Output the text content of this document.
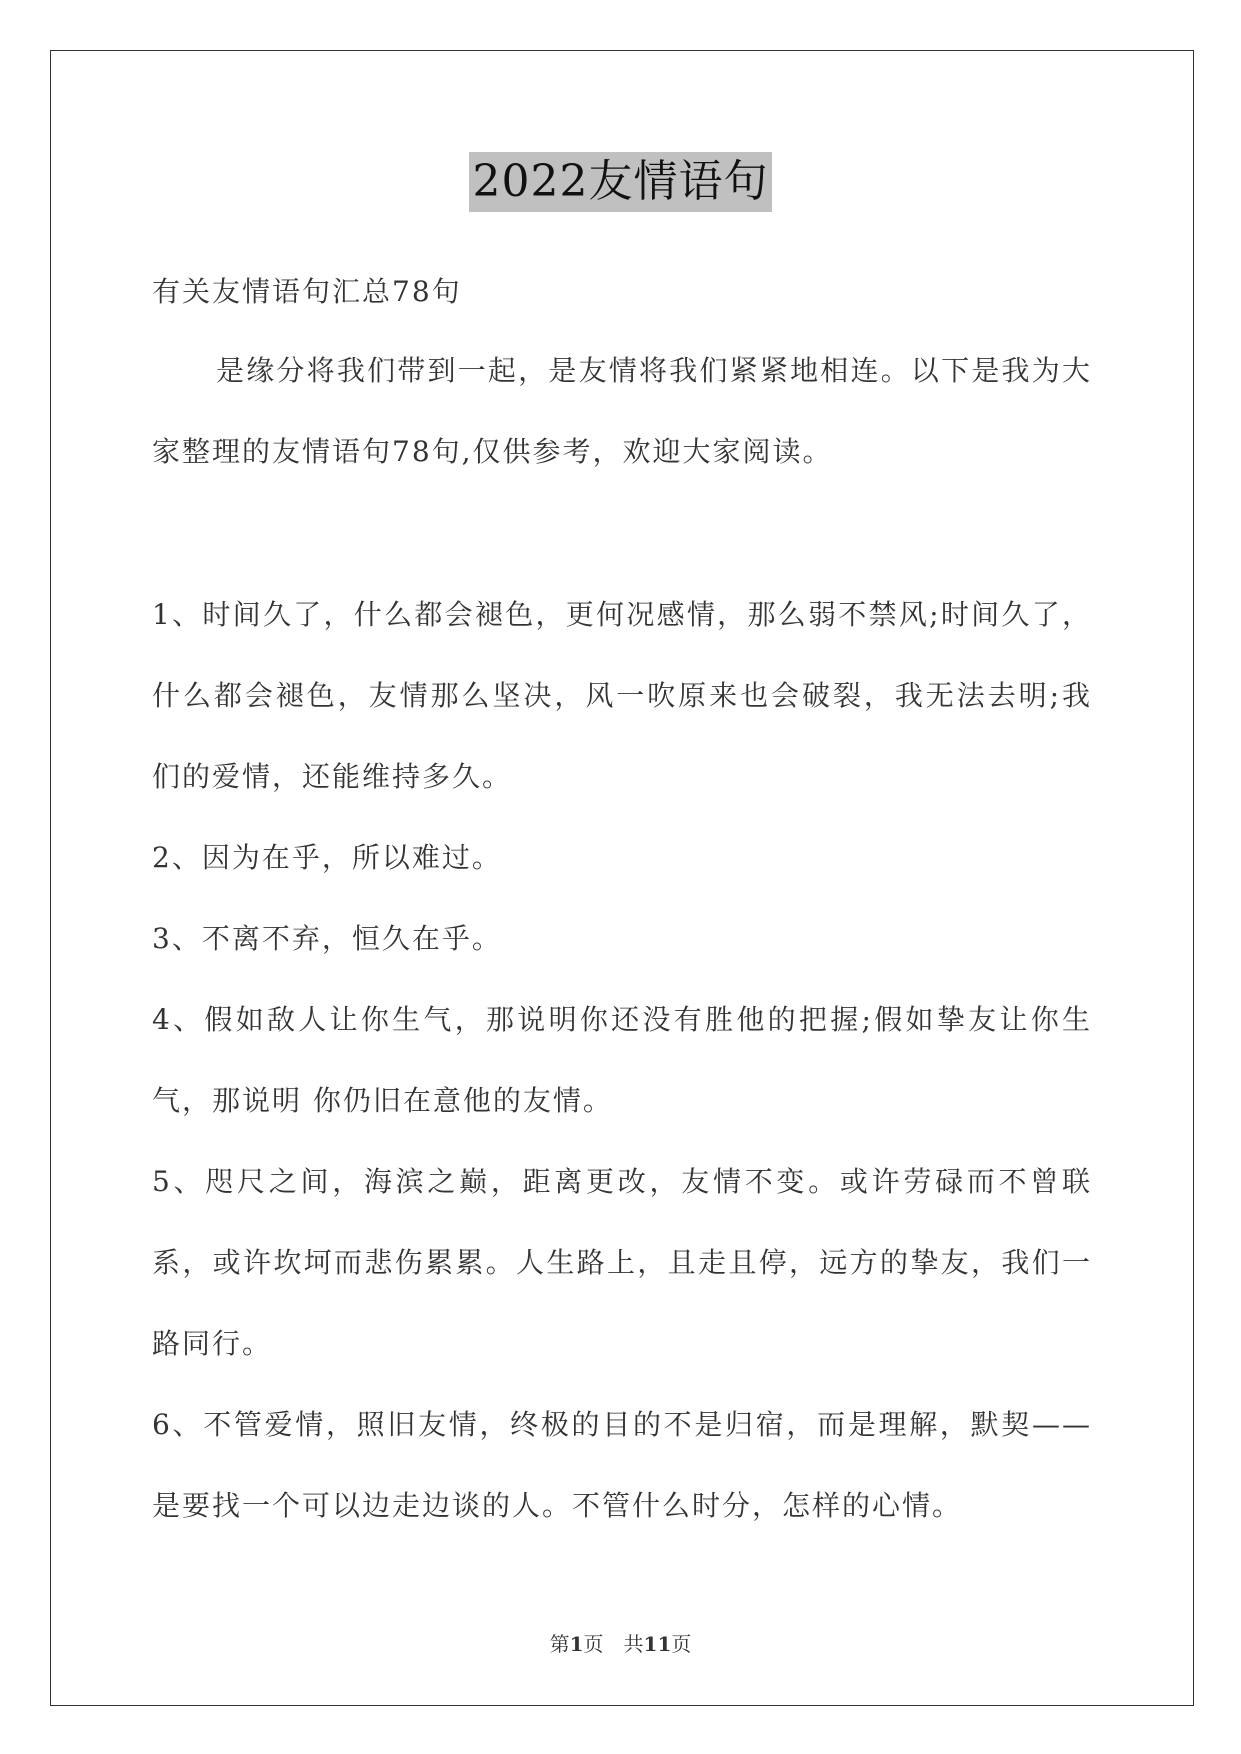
2022友情语句

有关友情语句汇总78句

是缘分将我们带到一起，是友情将我们紧紧地相连。以下是我为大家整理的友情语句78句,仅供参考，欢迎大家阅读。

1、时间久了，什么都会褪色，更何况感情，那么弱不禁风;时间久了，什么都会褪色，友情那么坚决，风一吹原来也会破裂，我无法去明;我们的爱情，还能维持多久。

2、因为在乎，所以难过。

3、不离不弃，恒久在乎。

4、假如敌人让你生气，那说明你还没有胜他的把握;假如挚友让你生气，那说明 你仍旧在意他的友情。

5、咫尺之间，海滨之巅，距离更改，友情不变。或许劳碌而不曾联系，或许坎坷而悲伤累累。人生路上，且走且停，远方的挚友，我们一路同行。

6、不管爱情，照旧友情，终极的目的不是归宿，而是理解，默契——是要找一个可以边走边谈的人。不管什么时分，怎样的心情。

第1页　共11页
